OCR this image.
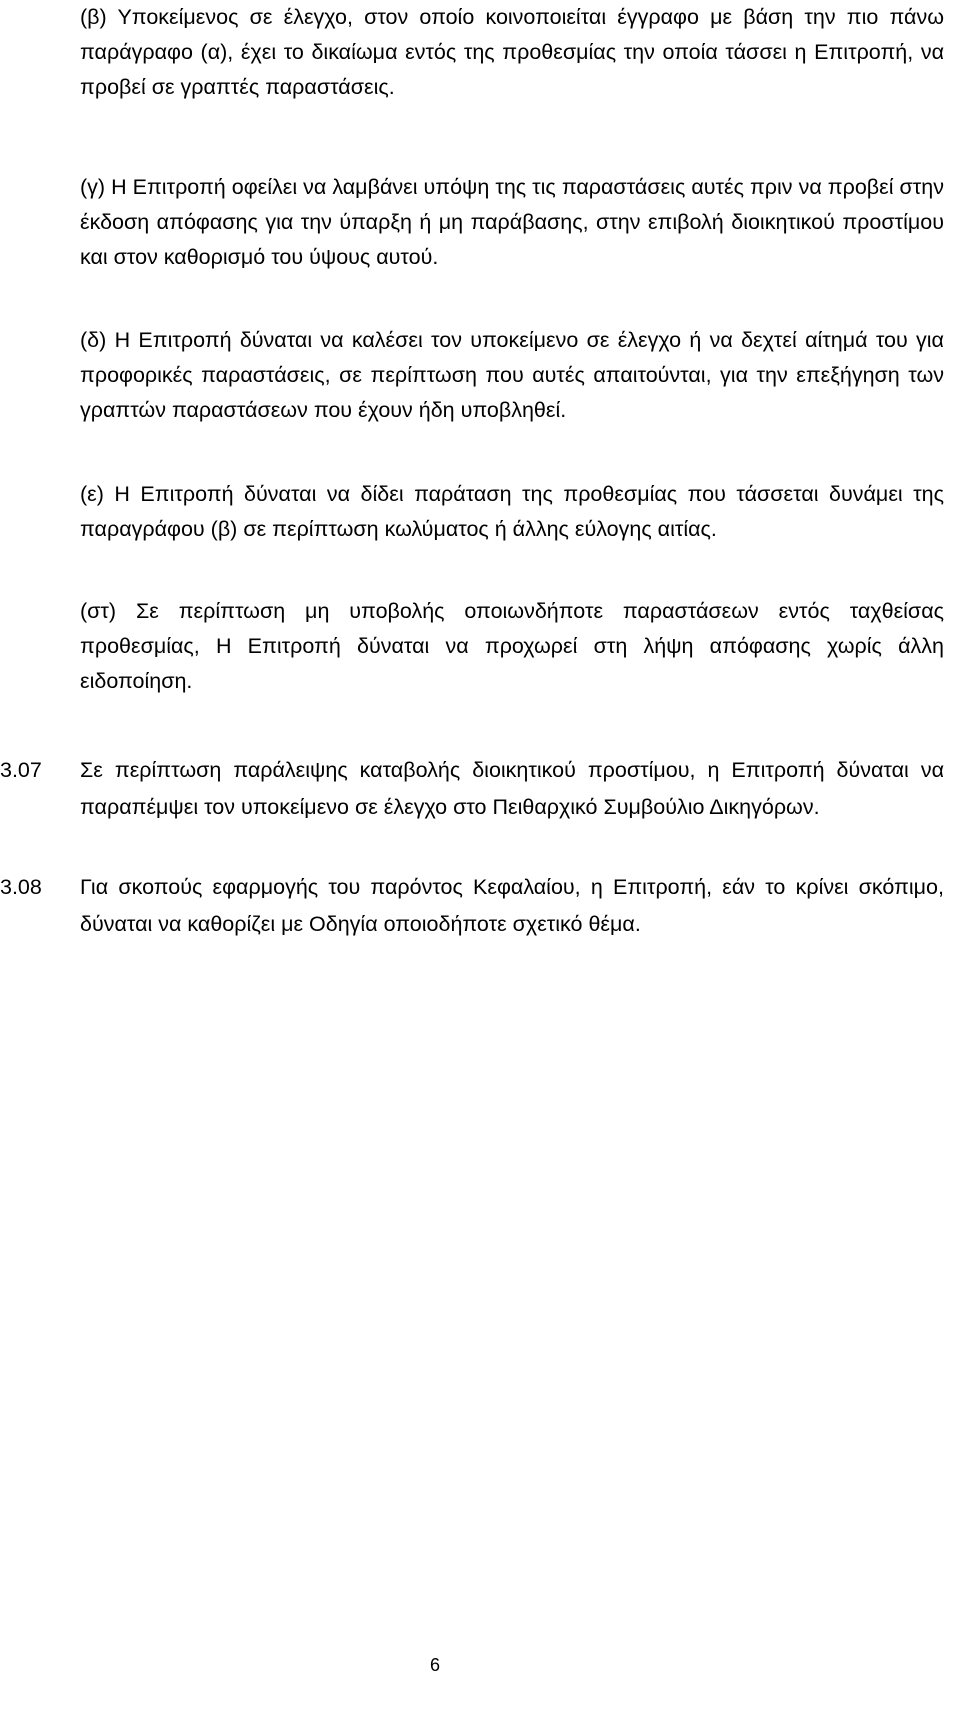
(β) Υποκείμενος σε έλεγχο, στον οποίο κοινοποιείται έγγραφο με βάση την πιο πάνω παράγραφο (α), έχει το δικαίωμα εντός της προθεσμίας την οποία τάσσει η Επιτροπή, να προβεί σε γραπτές παραστάσεις.

(γ) Η Επιτροπή οφείλει να λαμβάνει υπόψη της τις παραστάσεις αυτές πριν να προβεί στην έκδοση απόφασης για την ύπαρξη ή μη παράβασης, στην επιβολή διοικητικού προστίμου και στον καθορισμό του ύψους αυτού.

(δ) Η Επιτροπή δύναται να καλέσει τον υποκείμενο σε έλεγχο ή να δεχτεί αίτημά του για προφορικές παραστάσεις, σε περίπτωση που αυτές απαιτούνται, για την επεξήγηση των γραπτών παραστάσεων που έχουν ήδη υποβληθεί.

(ε) Η Επιτροπή δύναται να δίδει παράταση της προθεσμίας που τάσσεται δυνάμει της παραγράφου (β) σε περίπτωση κωλύματος ή άλλης εύλογης αιτίας.

(στ) Σε περίπτωση μη υποβολής οποιωνδήποτε παραστάσεων εντός ταχθείσας προθεσμίας, Η Επιτροπή δύναται να προχωρεί στη λήψη απόφασης χωρίς άλλη ειδοποίηση.

3.07	Σε περίπτωση παράλειψης καταβολής διοικητικού προστίμου, η Επιτροπή δύναται να παραπέμψει τον υποκείμενο σε έλεγχο στο Πειθαρχικό Συμβούλιο Δικηγόρων.
3.08	Για σκοπούς εφαρμογής του παρόντος Κεφαλαίου, η Επιτροπή, εάν το κρίνει σκόπιμο, δύναται να καθορίζει με Οδηγία οποιοδήποτε σχετικό θέμα.
6
